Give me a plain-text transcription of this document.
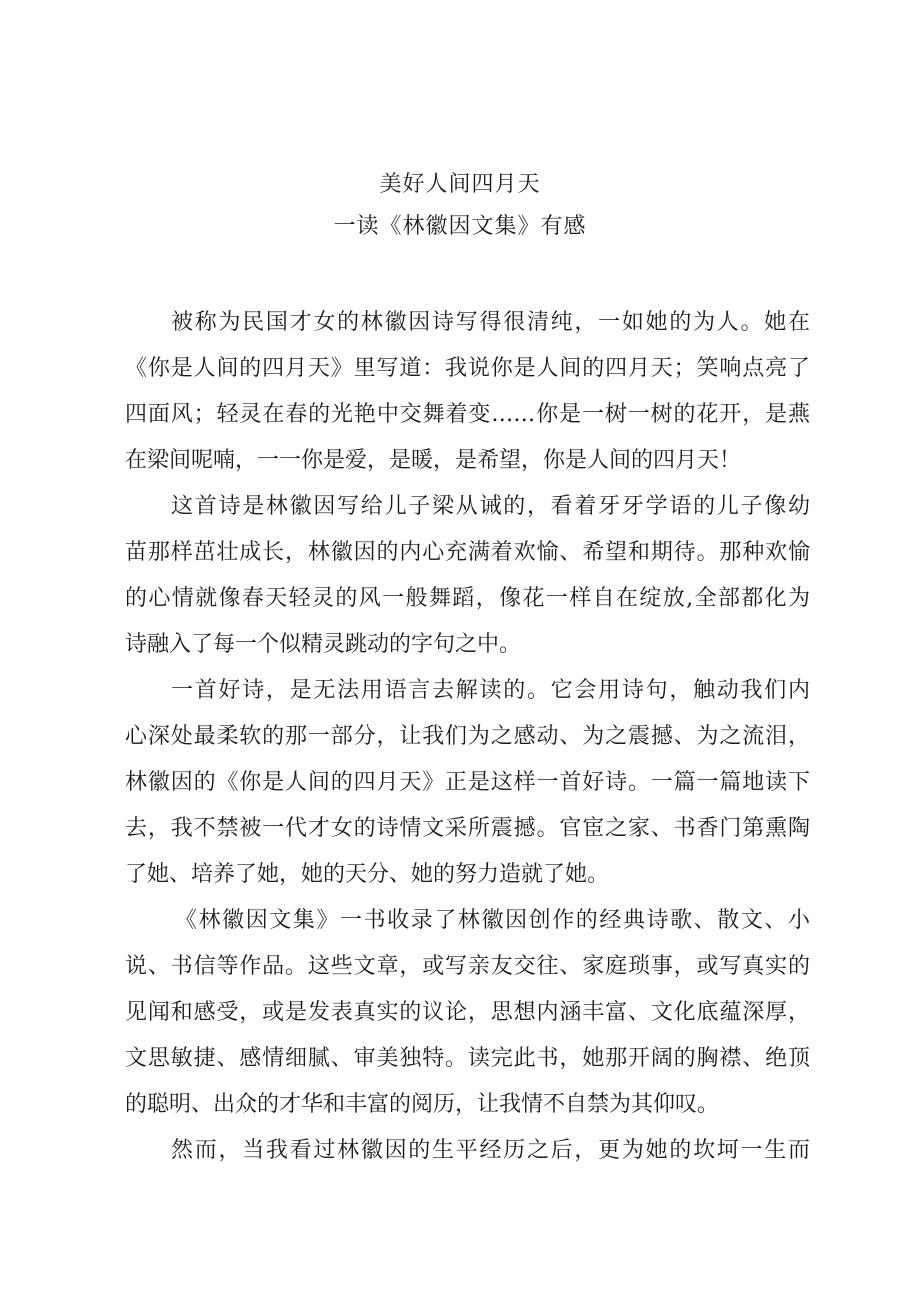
美好人间四月天
一读《林徽因文集》有感
被称为民国才女的林徽因诗写得很清纯，一如她的为人。她在
《你是人间的四月天》里写道：我说你是人间的四月天；笑响点亮了
四面风；轻灵在春的光艳中交舞着变……你是一树一树的花开，是燕
在梁间呢喃，一一你是爱，是暖，是希望，你是人间的四月天！
这首诗是林徽因写给儿子梁从诫的，看着牙牙学语的儿子像幼
苗那样茁壮成长，林徽因的内心充满着欢愉、希望和期待。那种欢愉
的心情就像春天轻灵的风一般舞蹈，像花一样自在绽放,全部都化为
诗融入了每一个似精灵跳动的字句之中。
一首好诗，是无法用语言去解读的。它会用诗句，触动我们内
心深处最柔软的那一部分，让我们为之感动、为之震撼、为之流泪，
林徽因的《你是人间的四月天》正是这样一首好诗。一篇一篇地读下
去，我不禁被一代才女的诗情文采所震撼。官宦之家、书香门第熏陶
了她、培养了她，她的天分、她的努力造就了她。
《林徽因文集》一书收录了林徽因创作的经典诗歌、散文、小
说、书信等作品。这些文章，或写亲友交往、家庭琐事，或写真实的
见闻和感受，或是发表真实的议论，思想内涵丰富、文化底蕴深厚，
文思敏捷、感情细腻、审美独特。读完此书，她那开阔的胸襟、绝顶
的聪明、出众的才华和丰富的阅历，让我情不自禁为其仰叹。
然而，当我看过林徽因的生平经历之后，更为她的坎坷一生而
